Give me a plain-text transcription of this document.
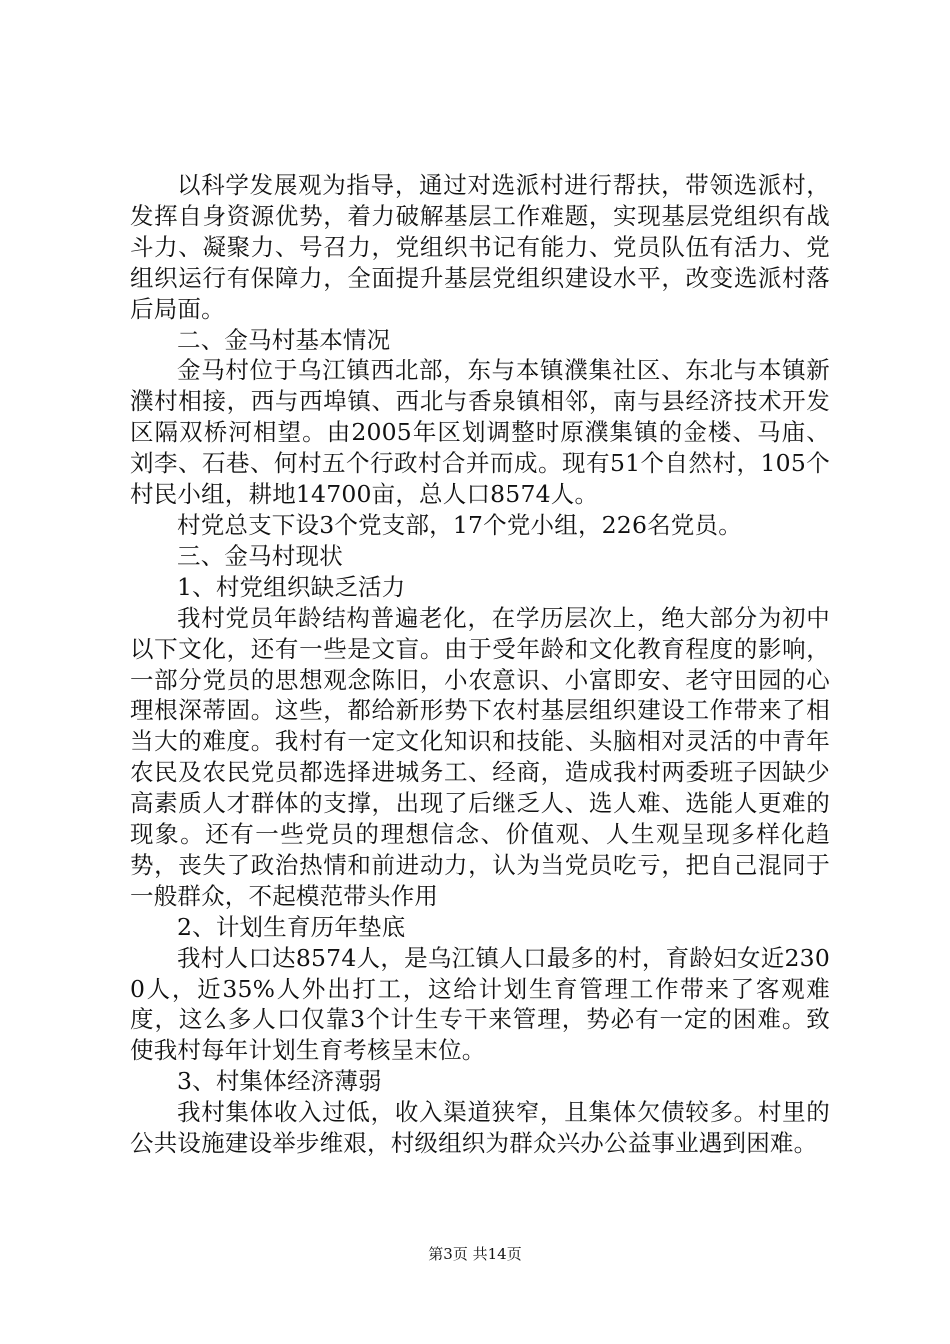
以科学发展观为指导，通过对选派村进行帮扶，带领选派村，发挥自身资源优势，着力破解基层工作难题，实现基层党组织有战斗力、凝聚力、号召力，党组织书记有能力、党员队伍有活力、党组织运行有保障力，全面提升基层党组织建设水平，改变选派村落后局面。

二、金马村基本情况

金马村位于乌江镇西北部，东与本镇濮集社区、东北与本镇新濮村相接，西与西埠镇、西北与香泉镇相邻，南与县经济技术开发区隔双桥河相望。由2005年区划调整时原濮集镇的金楼、马庙、刘李、石巷、何村五个行政村合并而成。现有51个自然村，105个村民小组，耕地14700亩，总人口8574人。

村党总支下设3个党支部，17个党小组，226名党员。

三、金马村现状

1、村党组织缺乏活力

我村党员年龄结构普遍老化，在学历层次上，绝大部分为初中以下文化，还有一些是文盲。由于受年龄和文化教育程度的影响，一部分党员的思想观念陈旧，小农意识、小富即安、老守田园的心理根深蒂固。这些，都给新形势下农村基层组织建设工作带来了相当大的难度。我村有一定文化知识和技能、头脑相对灵活的中青年农民及农民党员都选择进城务工、经商，造成我村两委班子因缺少高素质人才群体的支撑，出现了后继乏人、选人难、选能人更难的现象。还有一些党员的理想信念、价值观、人生观呈现多样化趋势，丧失了政治热情和前进动力，认为当党员吃亏，把自己混同于一般群众，不起模范带头作用

2、计划生育历年垫底

我村人口达8574人，是乌江镇人口最多的村，育龄妇女近2300人，近35%人外出打工，这给计划生育管理工作带来了客观难度，这么多人口仅靠3个计生专干来管理，势必有一定的困难。致使我村每年计划生育考核呈末位。

3、村集体经济薄弱

我村集体收入过低，收入渠道狭窄，且集体欠债较多。村里的公共设施建设举步维艰，村级组织为群众兴办公益事业遇到困难。

第3页 共14页
